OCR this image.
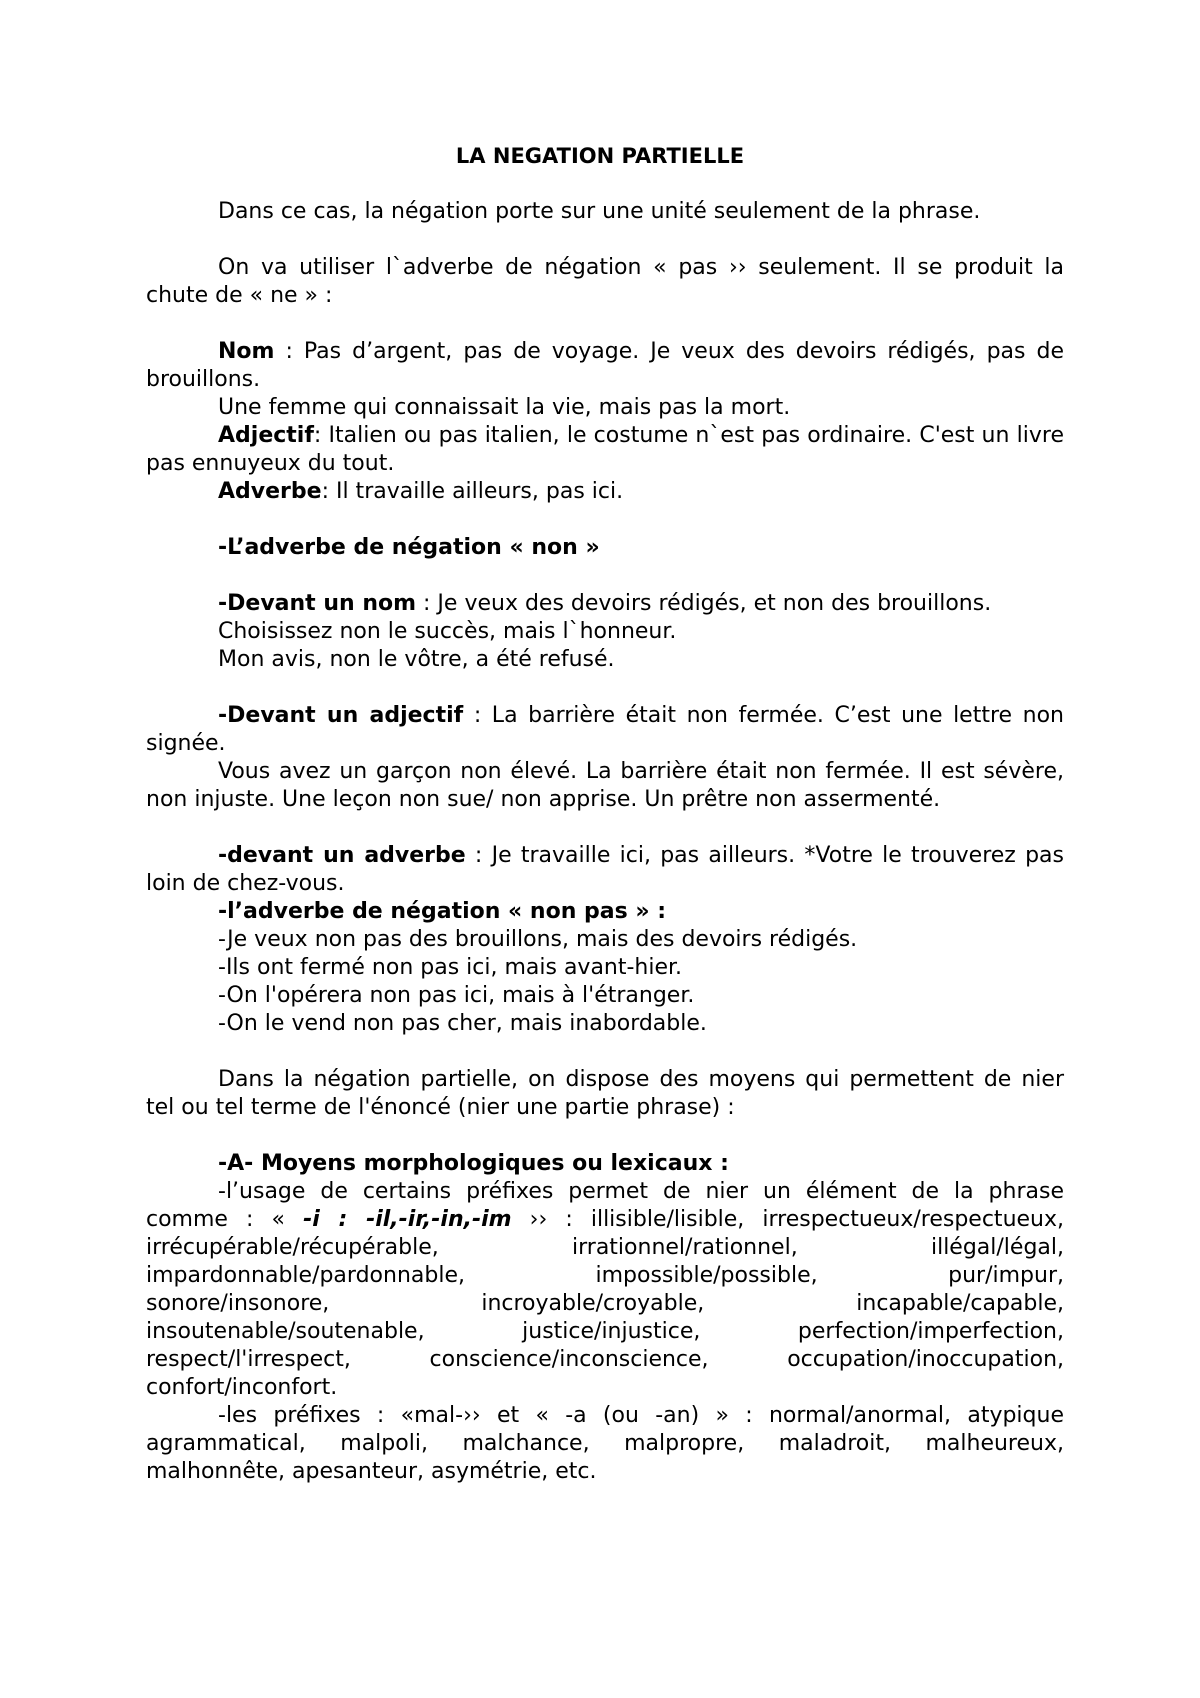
LA NEGATION PARTIELLE

Dans ce cas, la négation porte sur une unité seulement de la phrase.

On va utiliser l`adverbe de négation « pas ›› seulement. Il se produit la chute de « ne » :

Nom : Pas d’argent, pas de voyage. Je veux des devoirs rédigés, pas de brouillons.

Une femme qui connaissait la vie, mais pas la mort.

Adjectif: Italien ou pas italien, le costume n`est pas ordinaire. C'est un livre pas ennuyeux du tout.

Adverbe: Il travaille ailleurs, pas ici.

-L’adverbe de négation « non »

-Devant un nom : Je veux des devoirs rédigés, et non des brouillons.

Choisissez non le succès, mais l`honneur.

Mon avis, non le vôtre, a été refusé.

-Devant un adjectif : La barrière était non fermée. C’est une lettre non signée.

Vous avez un garçon non élevé. La barrière était non fermée. Il est sévère, non injuste. Une leçon non sue/ non apprise. Un prêtre non assermenté.

-devant un adverbe : Je travaille ici, pas ailleurs. *Votre le trouverez pas loin de chez-vous.

-l’adverbe de négation « non pas » :

-Je veux non pas des brouillons, mais des devoirs rédigés.

-Ils ont fermé non pas ici, mais avant-hier.

-On l'opérera non pas ici, mais à l'étranger.

-On le vend non pas cher, mais inabordable.

Dans la négation partielle, on dispose des moyens qui permettent de nier tel ou tel terme de l'énoncé (nier une partie phrase) :

-A- Moyens morphologiques ou lexicaux :

-l’usage de certains préfixes permet de nier un élément de la phrase comme : « -i : -il,-ir,-in,-im ›› : illisible/lisible, irrespectueux/respectueux,

irrécupérable/récupérable,	irrationnel/rationnel,	illégal/légal,

impardonnable/pardonnable,	impossible/possible,	pur/impur,

sonore/insonore,	incroyable/croyable,	incapable/capable,

insoutenable/soutenable,	justice/injustice,	perfection/imperfection,

respect/l'irrespect,	conscience/inconscience,	occupation/inoccupation,

confort/inconfort.

-les préfixes : «mal-›› et « -a (ou -an) » : normal/anormal, atypique agrammatical, malpoli, malchance, malpropre, maladroit, malheureux, malhonnête, apesanteur, asymétrie, etc.
